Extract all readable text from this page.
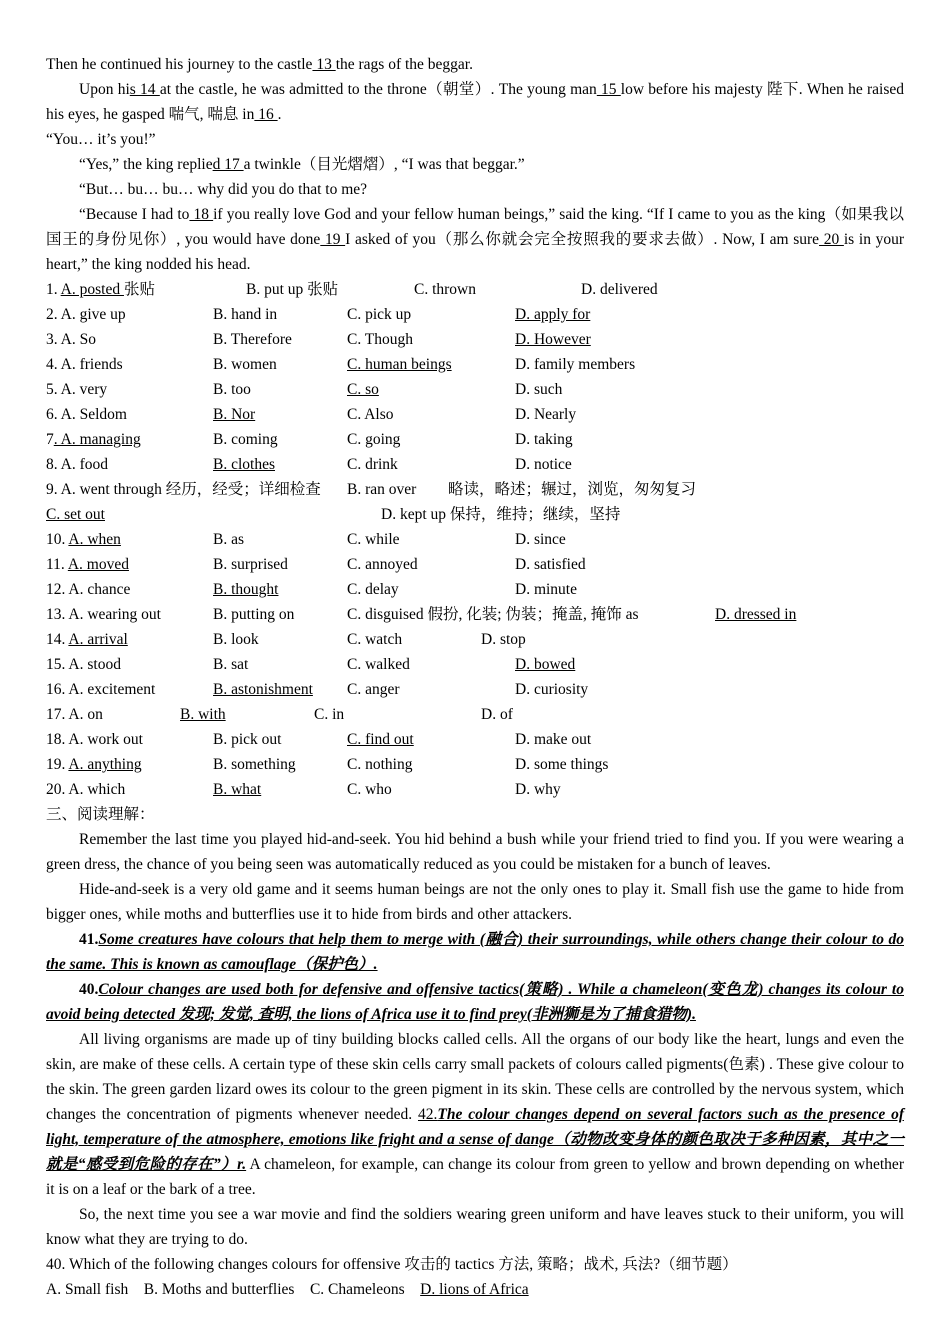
Then he continued his journey to the castle 13 the rags of the beggar.
Upon his 14 at the castle, he was admitted to the throne（朝堂）. The young man 15 low before his majesty 陛下. When he raised his eyes, he gasped 喘气, 喘息 in 16 .
“You… it’s you!”
“Yes,” the king replied 17 a twinkle（目光熠熠）, “I was that beggar.”
“But… bu… bu… why did you do that to me?
“Because I had to 18 if you really love God and your fellow human beings,” said the king. “If I came to you as the king（如果我以国王的身份见你）, you would have done 19 I asked of you（那么你就会完全按照我的要求去做）. Now, I am sure 20 is in your heart,” the king nodded his head.
1. A. posted 张贴	B. put up 张贴	C. thrown	D. delivered
2. A. give up	B. hand in	C. pick up	D. apply for
3. A. So	B. Therefore	C. Though	D. However
4. A. friends	B. women	C. human beings	D. family members
5. A. very	B. too	C. so	D. such
6. A. Seldom	B. Nor	C. Also	D. Nearly
7. A. managing	B. coming	C. going	D. taking
8. A. food	B. clothes	C. drink	D. notice
9. A. went through 经历，经受；详细检查 B. ran over 略读，略述；辗过，浏览，匆匆复习
C. set out	D. kept up 保持，维持；继续，坚持
10. A. when	B. as	C. while	D. since
11. A. moved	B. surprised	C. annoyed	D. satisfied
12. A. chance	B. thought	C. delay	D. minute
13. A. wearing out	B. putting on	C. disguised 假扮, 化装; 伪装；掩盖, 掩饰 as	D. dressed in
14. A. arrival	B. look	C. watch	D. stop
15. A. stood	B. sat	C. walked	D. bowed
16. A. excitement	B. astonishment C. anger	D. curiosity
17. A. on	B. with	C. in	D. of
18. A. work out	B. pick out	C. find out	D. make out
19. A. anything	B. something	C. nothing	D. some things
20. A. which	B. what	C. who	D. why
三、阅读理解：
Remember the last time you played hid-and-seek. You hid behind a bush while your friend tried to find you. If you were wearing a green dress, the chance of you being seen was automatically reduced as you could be mistaken for a bunch of leaves.
Hide-and-seek is a very old game and it seems human beings are not the only ones to play it. Small fish use the game to hide from bigger ones, while moths and butterflies use it to hide from birds and other attackers.
41.Some creatures have colours that help them to merge with (融合) their surroundings, while others change their colour to do the same. This is known as camouflage（保护色）.
40.Colour changes are used both for defensive and offensive tactics(策略) . While a chameleon(变色龙) changes its colour to avoid being detected 发现; 发觉, 查明, the lions of Africa use it to find prey(非洲狮是为了捕食猎物).
All living organisms are made up of tiny building blocks called cells. All the organs of our body like the heart, lungs and even the skin, are make of these cells. A certain type of these skin cells carry small packets of colours called pigments(色素) . These give colour to the skin. The green garden lizard owes its colour to the green pigment in its skin. These cells are controlled by the nervous system, which changes the concentration of pigments whenever needed. 42.The colour changes depend on several factors such as the presence of light, temperature of the atmosphere, emotions like fright and a sense of dange（动物改变身体的颜色取决于多种因素，其中之一就是“感受到危险的存在”）r. A chameleon, for example, can change its colour from green to yellow and brown depending on whether it is on a leaf or the bark of a tree.
So, the next time you see a war movie and find the soldiers wearing green uniform and have leaves stuck to their uniform, you will know what they are trying to do.
40. Which of the following changes colours for offensive 攻击的 tactics 方法, 策略；战术, 兵法?（细节题）
A. Small fish B. Moths and butterflies C. Chameleons D. lions of Africa
